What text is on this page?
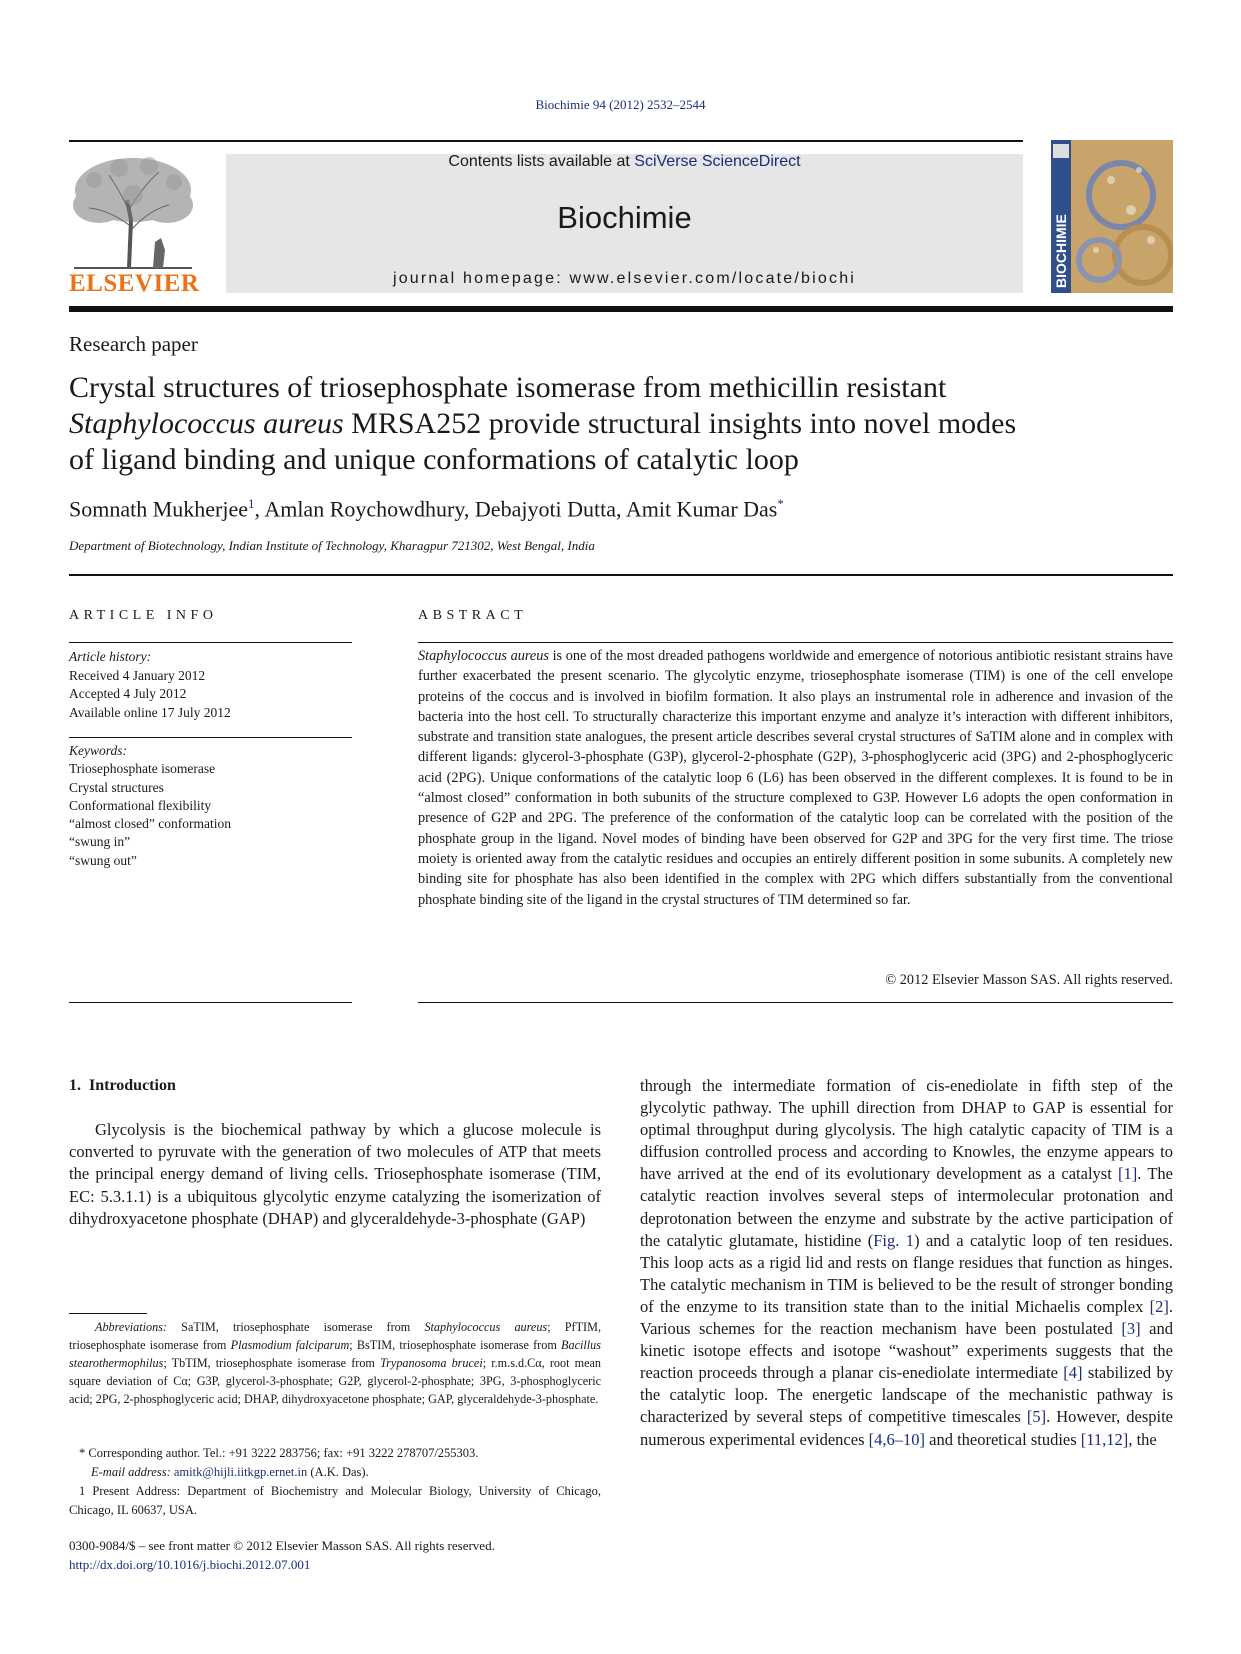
Biochimie 94 (2012) 2532–2544
ELSEVIER
Contents lists available at SciVerse ScienceDirect
Biochimie
journal homepage: www.elsevier.com/locate/biochi	BIOCHIMIE
Research paper
Crystal structures of triosephosphate isomerase from methicillin resistant
Staphylococcus aureus MRSA252 provide structural insights into novel modes
of ligand binding and unique conformations of catalytic loop
Somnath Mukherjee$^1$, Amlan Roychowdhury, Debajyoti Dutta, Amit Kumar Das*
Department of Biotechnology, Indian Institute of Technology, Kharagpur 721302, West Bengal, India
ARTICLE INFO
Article history:
Received 4 January 2012
Accepted 4 July 2012
Available online 17 July 2012
Keywords:
Triosephosphate isomerase
Crystal structures
Conformational flexibility
“almost closed” conformation
“swung in”
“swung out”
ABSTRACT
Staphylococcus aureus is one of the most dreaded pathogens worldwide and emergence of notorious antibiotic resistant strains have further exacerbated the present scenario. The glycolytic enzyme, triosephosphate isomerase (TIM) is one of the cell envelope proteins of the coccus and is involved in biofilm formation. It also plays an instrumental role in adherence and invasion of the bacteria into the host cell. To structurally characterize this important enzyme and analyze it’s interaction with different inhibitors, substrate and transition state analogues, the present article describes several crystal structures of SaTIM alone and in complex with different ligands: glycerol-3-phosphate (G3P), glycerol-2-phosphate (G2P), 3-phosphoglyceric acid (3PG) and 2-phosphoglyceric acid (2PG). Unique conformations of the catalytic loop 6 (L6) has been observed in the different complexes. It is found to be in “almost closed” conformation in both subunits of the structure complexed to G3P. However L6 adopts the open conformation in presence of G2P and 2PG. The preference of the conformation of the catalytic loop can be correlated with the position of the phosphate group in the ligand. Novel modes of binding have been observed for G2P and 3PG for the very first time. The triose moiety is oriented away from the catalytic residues and occupies an entirely different position in some subunits. A completely new binding site for phosphate has also been identified in the complex with 2PG which differs substantially from the conventional phosphate binding site of the ligand in the crystal structures of TIM determined so far.
© 2012 Elsevier Masson SAS. All rights reserved.
1. Introduction
Glycolysis is the biochemical pathway by which a glucose molecule is converted to pyruvate with the generation of two molecules of ATP that meets the principal energy demand of living cells. Triosephosphate isomerase (TIM, EC: 5.3.1.1) is a ubiquitous glycolytic enzyme catalyzing the isomerization of dihydroxyacetone phosphate (DHAP) and glyceraldehyde-3-phosphate (GAP)
through the intermediate formation of cis-enediolate in fifth step of the glycolytic pathway. The uphill direction from DHAP to GAP is essential for optimal throughput during glycolysis. The high catalytic capacity of TIM is a diffusion controlled process and according to Knowles, the enzyme appears to have arrived at the end of its evolutionary development as a catalyst [1]. The catalytic reaction involves several steps of intermolecular protonation and deprotonation between the enzyme and substrate by the active participation of the catalytic glutamate, histidine (Fig. 1) and a catalytic loop of ten residues. This loop acts as a rigid lid and rests on flange residues that function as hinges. The catalytic mechanism in TIM is believed to be the result of stronger bonding of the enzyme to its transition state than to the initial Michaelis complex [2]. Various schemes for the reaction mechanism have been postulated [3] and kinetic isotope effects and isotope “washout” experiments suggests that the reaction proceeds through a planar cis-enediolate intermediate [4] stabilized by the catalytic loop. The energetic landscape of the mechanistic pathway is characterized by several steps of competitive timescales [5]. However, despite numerous experimental evidences [4,6–10] and theoretical studies [11,12], the
Abbreviations: SaTIM, triosephosphate isomerase from Staphylococcus aureus; PfTIM, triosephosphate isomerase from Plasmodium falciparum; BsTIM, triosephosphate isomerase from Bacillus stearothermophilus; TbTIM, triosephosphate isomerase from Trypanosoma brucei; r.m.s.d.Cα, root mean square deviation of Cα; G3P, glycerol-3-phosphate; G2P, glycerol-2-phosphate; 3PG, 3-phosphoglyceric acid; 2PG, 2-phosphoglyceric acid; DHAP, dihydroxyacetone phosphate; GAP, glyceraldehyde-3-phosphate.
* Corresponding author. Tel.: +91 3222 283756; fax: +91 3222 278707/255303.
E-mail address: amitk@hijli.iitkgp.ernet.in (A.K. Das).
1 Present Address: Department of Biochemistry and Molecular Biology, University of Chicago, Chicago, IL 60637, USA.
0300-9084/$ – see front matter © 2012 Elsevier Masson SAS. All rights reserved.
http://dx.doi.org/10.1016/j.biochi.2012.07.001
